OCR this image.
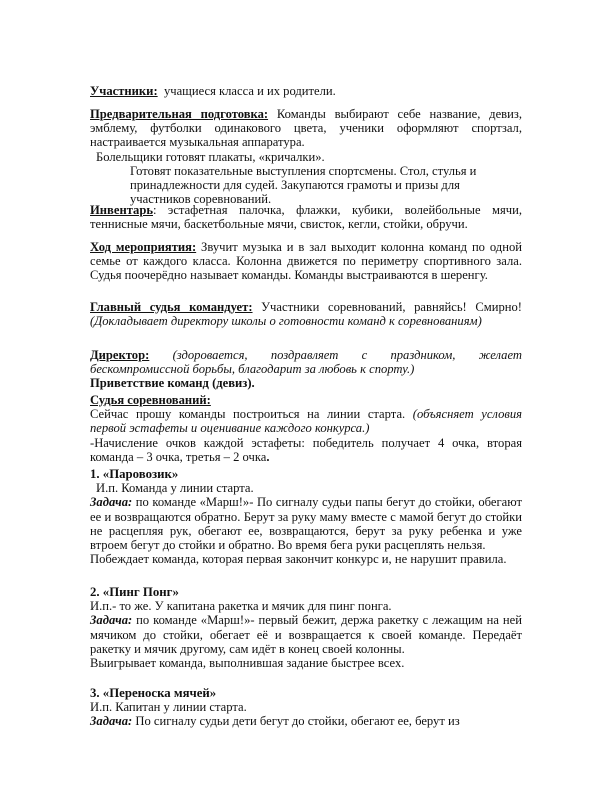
Участники: учащиеся класса и их родители.

Предварительная подготовка: Команды выбирают себе название, девиз, эмблему, футболки одинакового цвета, ученики оформляют спортзал, настраивается музыкальная аппаратура.

Болельщики готовят плакаты, «кричалки».

Готовят показательные выступления спортсмены. Стол, стулья и принадлежности для судей. Закупаются грамоты и призы для участников соревнований.

Инвентарь: эстафетная палочка, флажки, кубики, волейбольные мячи, теннисные мячи, баскетбольные мячи, свисток, кегли, стойки, обручи.

Ход мероприятия: Звучит музыка и в зал выходит колонна команд по одной семье от каждого класса. Колонна движется по периметру спортивного зала. Судья поочерёдно называет команды. Команды выстраиваются в шеренгу.

Главный судья командует: Участники соревнований, равняйсь! Смирно!(Докладывает директору школы о готовности команд к соревнованиям)

Директор: (здоровается, поздравляет с праздником, желает бескомпромиссной борьбы, благодарит за любовь к спорту.)

Приветствие команд (девиз).

Судья соревнований:

Сейчас прошу команды построиться на линии старта. (объясняет условия первой эстафеты и оценивание каждого конкурса.)

-Начисление очков каждой эстафеты: победитель получает 4 очка, вторая команда – 3 очка, третья – 2 очка.

1. «Паровозик»

И.п. Команда у линии старта.

Задача: по команде «Марш!»- По сигналу судьи папы бегут до стойки, обегают ее и возвращаются обратно. Берут за руку маму вместе с мамой бегут до стойки не расцепляя рук, обегают ее, возвращаются, берут за руку ребенка и уже втроем бегут до стойки и обратно. Во время бега руки расцеплять нельзя.

Побеждает команда, которая первая закончит конкурс и, не нарушит правила.

2. «Пинг Понг»

И.п.- то же. У капитана ракетка и мячик для пинг понга.

Задача: по команде «Марш!»- первый бежит, держа ракетку с лежащим на ней мячиком до стойки, обегает её и возвращается к своей команде. Передаёт ракетку и мячик другому, сам идёт в конец своей колонны.

Выигрывает команда, выполнившая задание быстрее всех.

3. «Переноска мячей»

И.п. Капитан у линии старта.

Задача: По сигналу судьи дети бегут до стойки, обегают ее, берут из
